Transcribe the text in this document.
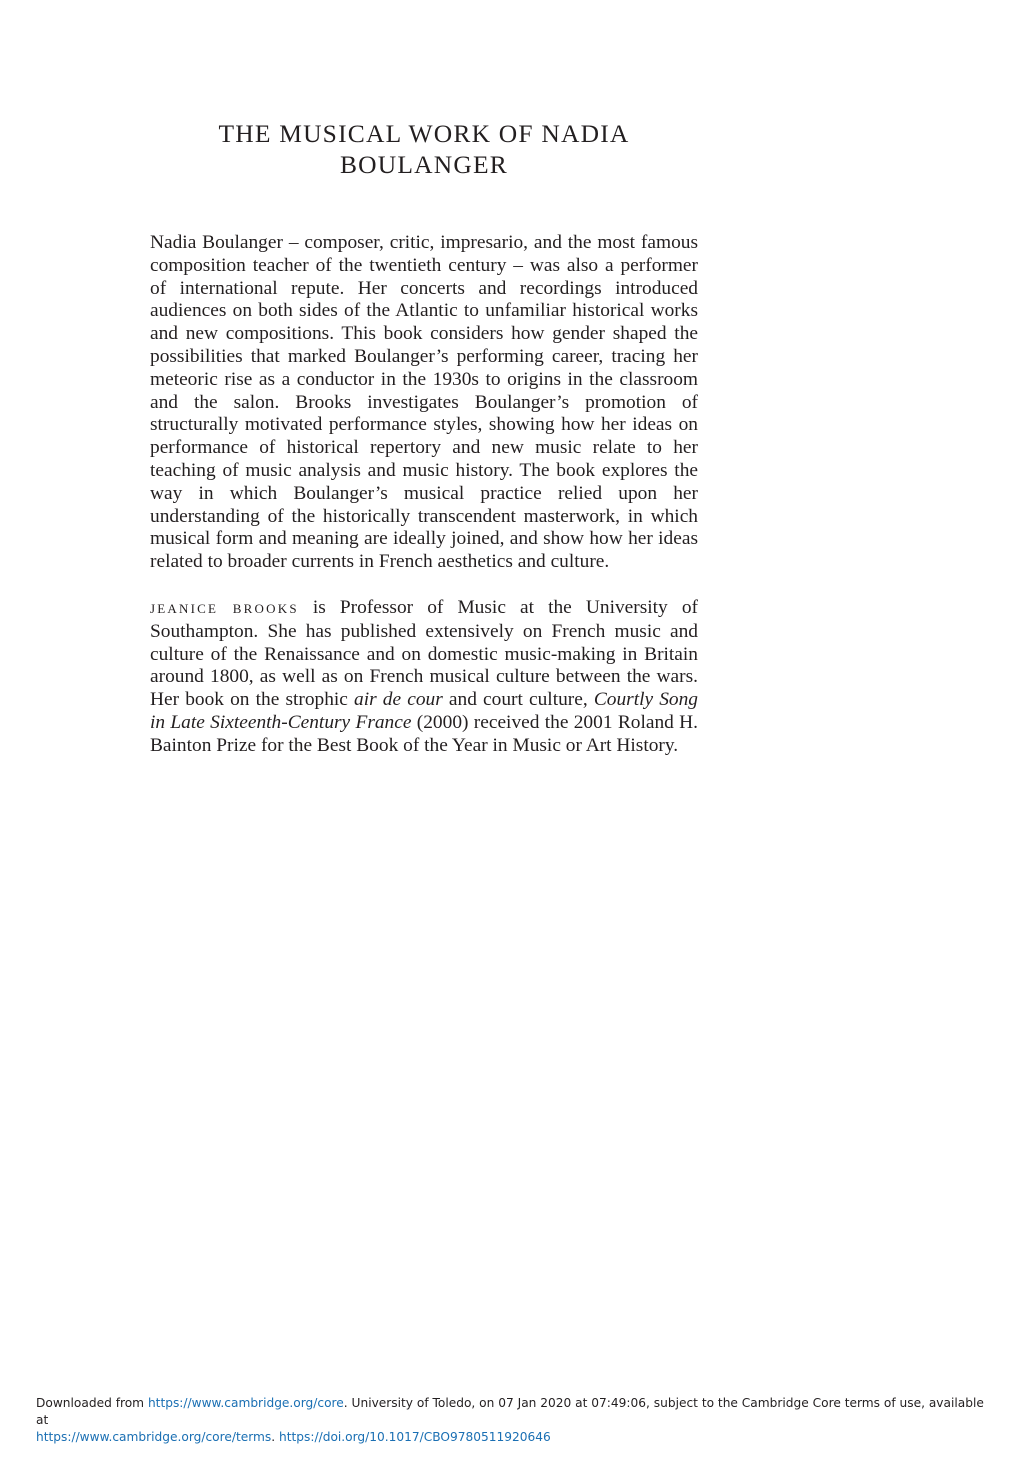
THE MUSICAL WORK OF NADIA
BOULANGER

Nadia Boulanger – composer, critic, impresario, and the most famous composition teacher of the twentieth century – was also a performer of international repute. Her concerts and recordings introduced audiences on both sides of the Atlantic to unfamiliar historical works and new compositions. This book considers how gender shaped the possibilities that marked Boulanger’s performing career, tracing her meteoric rise as a conductor in the 1930s to origins in the classroom and the salon. Brooks investigates Boulanger’s promotion of structurally motivated performance styles, showing how her ideas on performance of historical repertory and new music relate to her teaching of music analysis and music history. The book explores the way in which Boulanger’s musical practice relied upon her understanding of the historically transcendent masterwork, in which musical form and meaning are ideally joined, and show how her ideas related to broader currents in French aesthetics and culture.

JEANICE BROOKS is Professor of Music at the University of Southampton. She has published extensively on French music and culture of the Renaissance and on domestic music-making in Britain around 1800, as well as on French musical culture between the wars. Her book on the strophic air de cour and court culture, Courtly Song in Late Sixteenth-Century France (2000) received the 2001 Roland H. Bainton Prize for the Best Book of the Year in Music or Art History.

Downloaded from https://www.cambridge.org/core. University of Toledo, on 07 Jan 2020 at 07:49:06, subject to the Cambridge Core terms of use, available at
https://www.cambridge.org/core/terms. https://doi.org/10.1017/CBO9780511920646
